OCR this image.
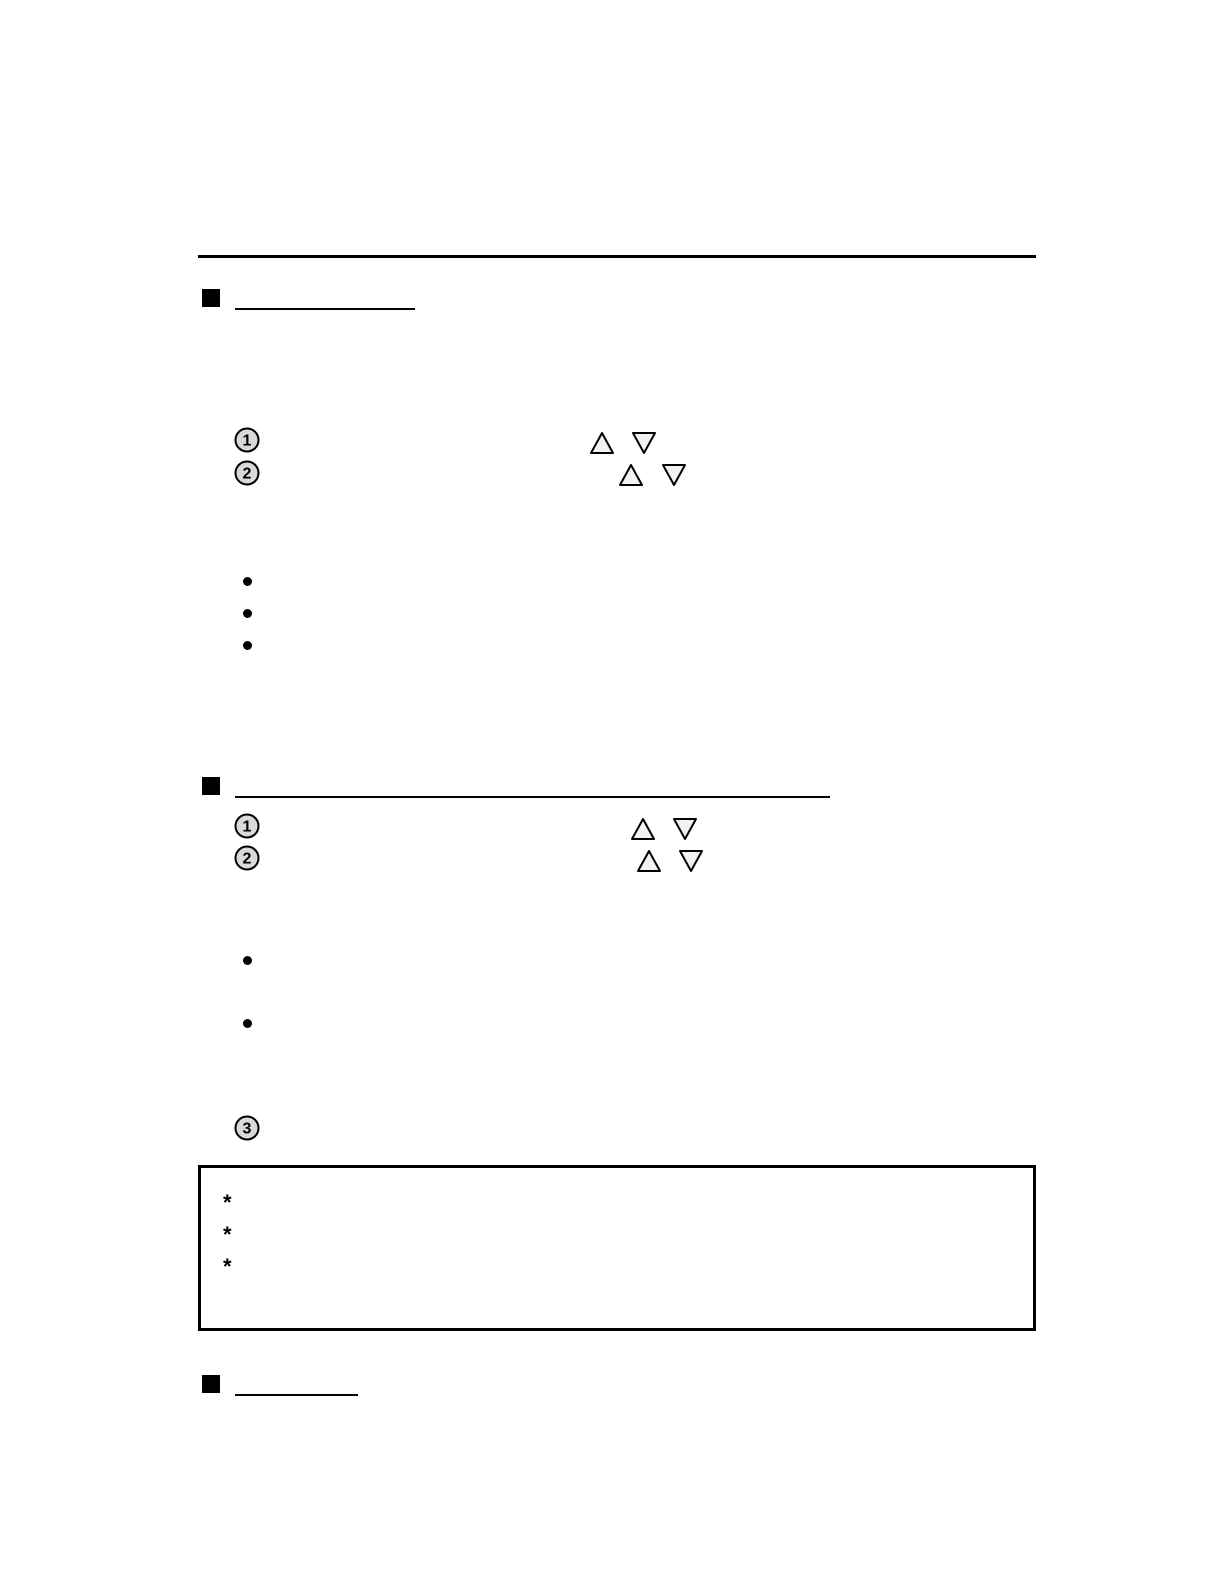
1
2
1
2
3
*
*
*
